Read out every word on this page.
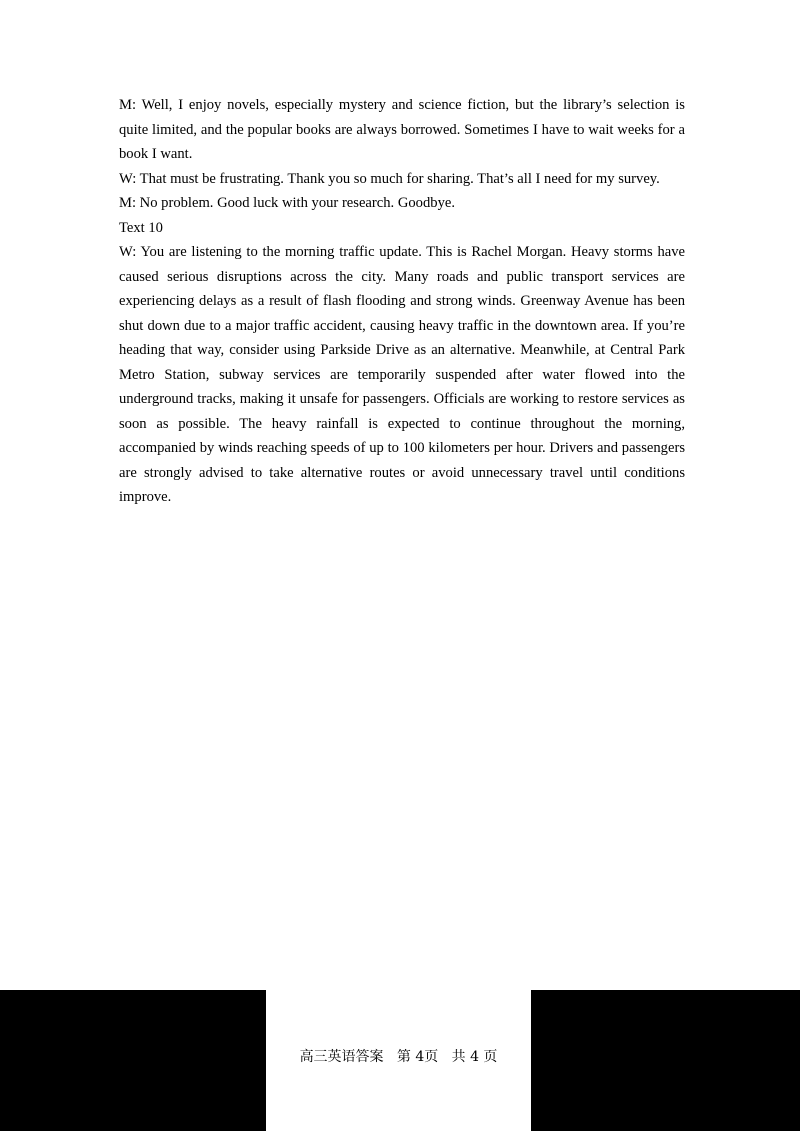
M: Well, I enjoy novels, especially mystery and science fiction, but the library’s selection is quite limited, and the popular books are always borrowed. Sometimes I have to wait weeks for a book I want.

W: That must be frustrating. Thank you so much for sharing. That’s all I need for my survey.

M: No problem. Good luck with your research. Goodbye.

Text 10

W: You are listening to the morning traffic update. This is Rachel Morgan. Heavy storms have caused serious disruptions across the city. Many roads and public transport services are experiencing delays as a result of flash flooding and strong winds. Greenway Avenue has been shut down due to a major traffic accident, causing heavy traffic in the downtown area. If you’re heading that way, consider using Parkside Drive as an alternative. Meanwhile, at Central Park Metro Station, subway services are temporarily suspended after water flowed into the underground tracks, making it unsafe for passengers. Officials are working to restore services as soon as possible. The heavy rainfall is expected to continue throughout the morning, accompanied by winds reaching speeds of up to 100 kilometers per hour. Drivers and passengers are strongly advised to take alternative routes or avoid unnecessary travel until conditions improve.

高三英语答案   第 4页   共 4 页
